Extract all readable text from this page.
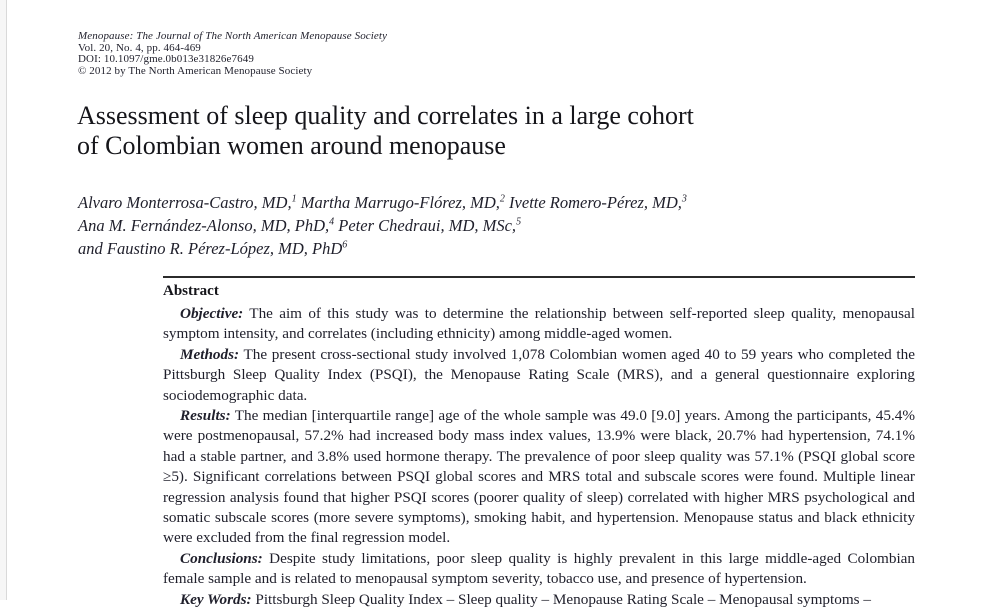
Menopause: The Journal of The North American Menopause Society
Vol. 20, No. 4, pp. 464-469
DOI: 10.1097/gme.0b013e31826e7649
© 2012 by The North American Menopause Society
Assessment of sleep quality and correlates in a large cohort
of Colombian women around menopause
Alvaro Monterrosa-Castro, MD,$^1$ Martha Marrugo-Flórez, MD,$^2$ Ivette Romero-Pérez, MD,$^3$
Ana M. Fernández-Alonso, MD, PhD,$^4$ Peter Chedraui, MD, MSc,$^5$
and Faustino R. Pérez-López, MD, PhD$^6$
Abstract

Objective: The aim of this study was to determine the relationship between self-reported sleep quality, menopausal symptom intensity, and correlates (including ethnicity) among middle-aged women.

Methods: The present cross-sectional study involved 1,078 Colombian women aged 40 to 59 years who completed the Pittsburgh Sleep Quality Index (PSQI), the Menopause Rating Scale (MRS), and a general questionnaire exploring sociodemographic data.

Results: The median [interquartile range] age of the whole sample was 49.0 [9.0] years. Among the participants, 45.4% were postmenopausal, 57.2% had increased body mass index values, 13.9% were black, 20.7% had hypertension, 74.1% had a stable partner, and 3.8% used hormone therapy. The prevalence of poor sleep quality was 57.1% (PSQI global score ≥5). Significant correlations between PSQI global scores and MRS total and subscale scores were found. Multiple linear regression analysis found that higher PSQI scores (poorer quality of sleep) correlated with higher MRS psychological and somatic subscale scores (more severe symptoms), smoking habit, and hypertension. Menopause status and black ethnicity were excluded from the final regression model.

Conclusions: Despite study limitations, poor sleep quality is highly prevalent in this large middle-aged Colombian female sample and is related to menopausal symptom severity, tobacco use, and presence of hypertension.

Key Words: Pittsburgh Sleep Quality Index – Sleep quality – Menopause Rating Scale – Menopausal symptoms –
